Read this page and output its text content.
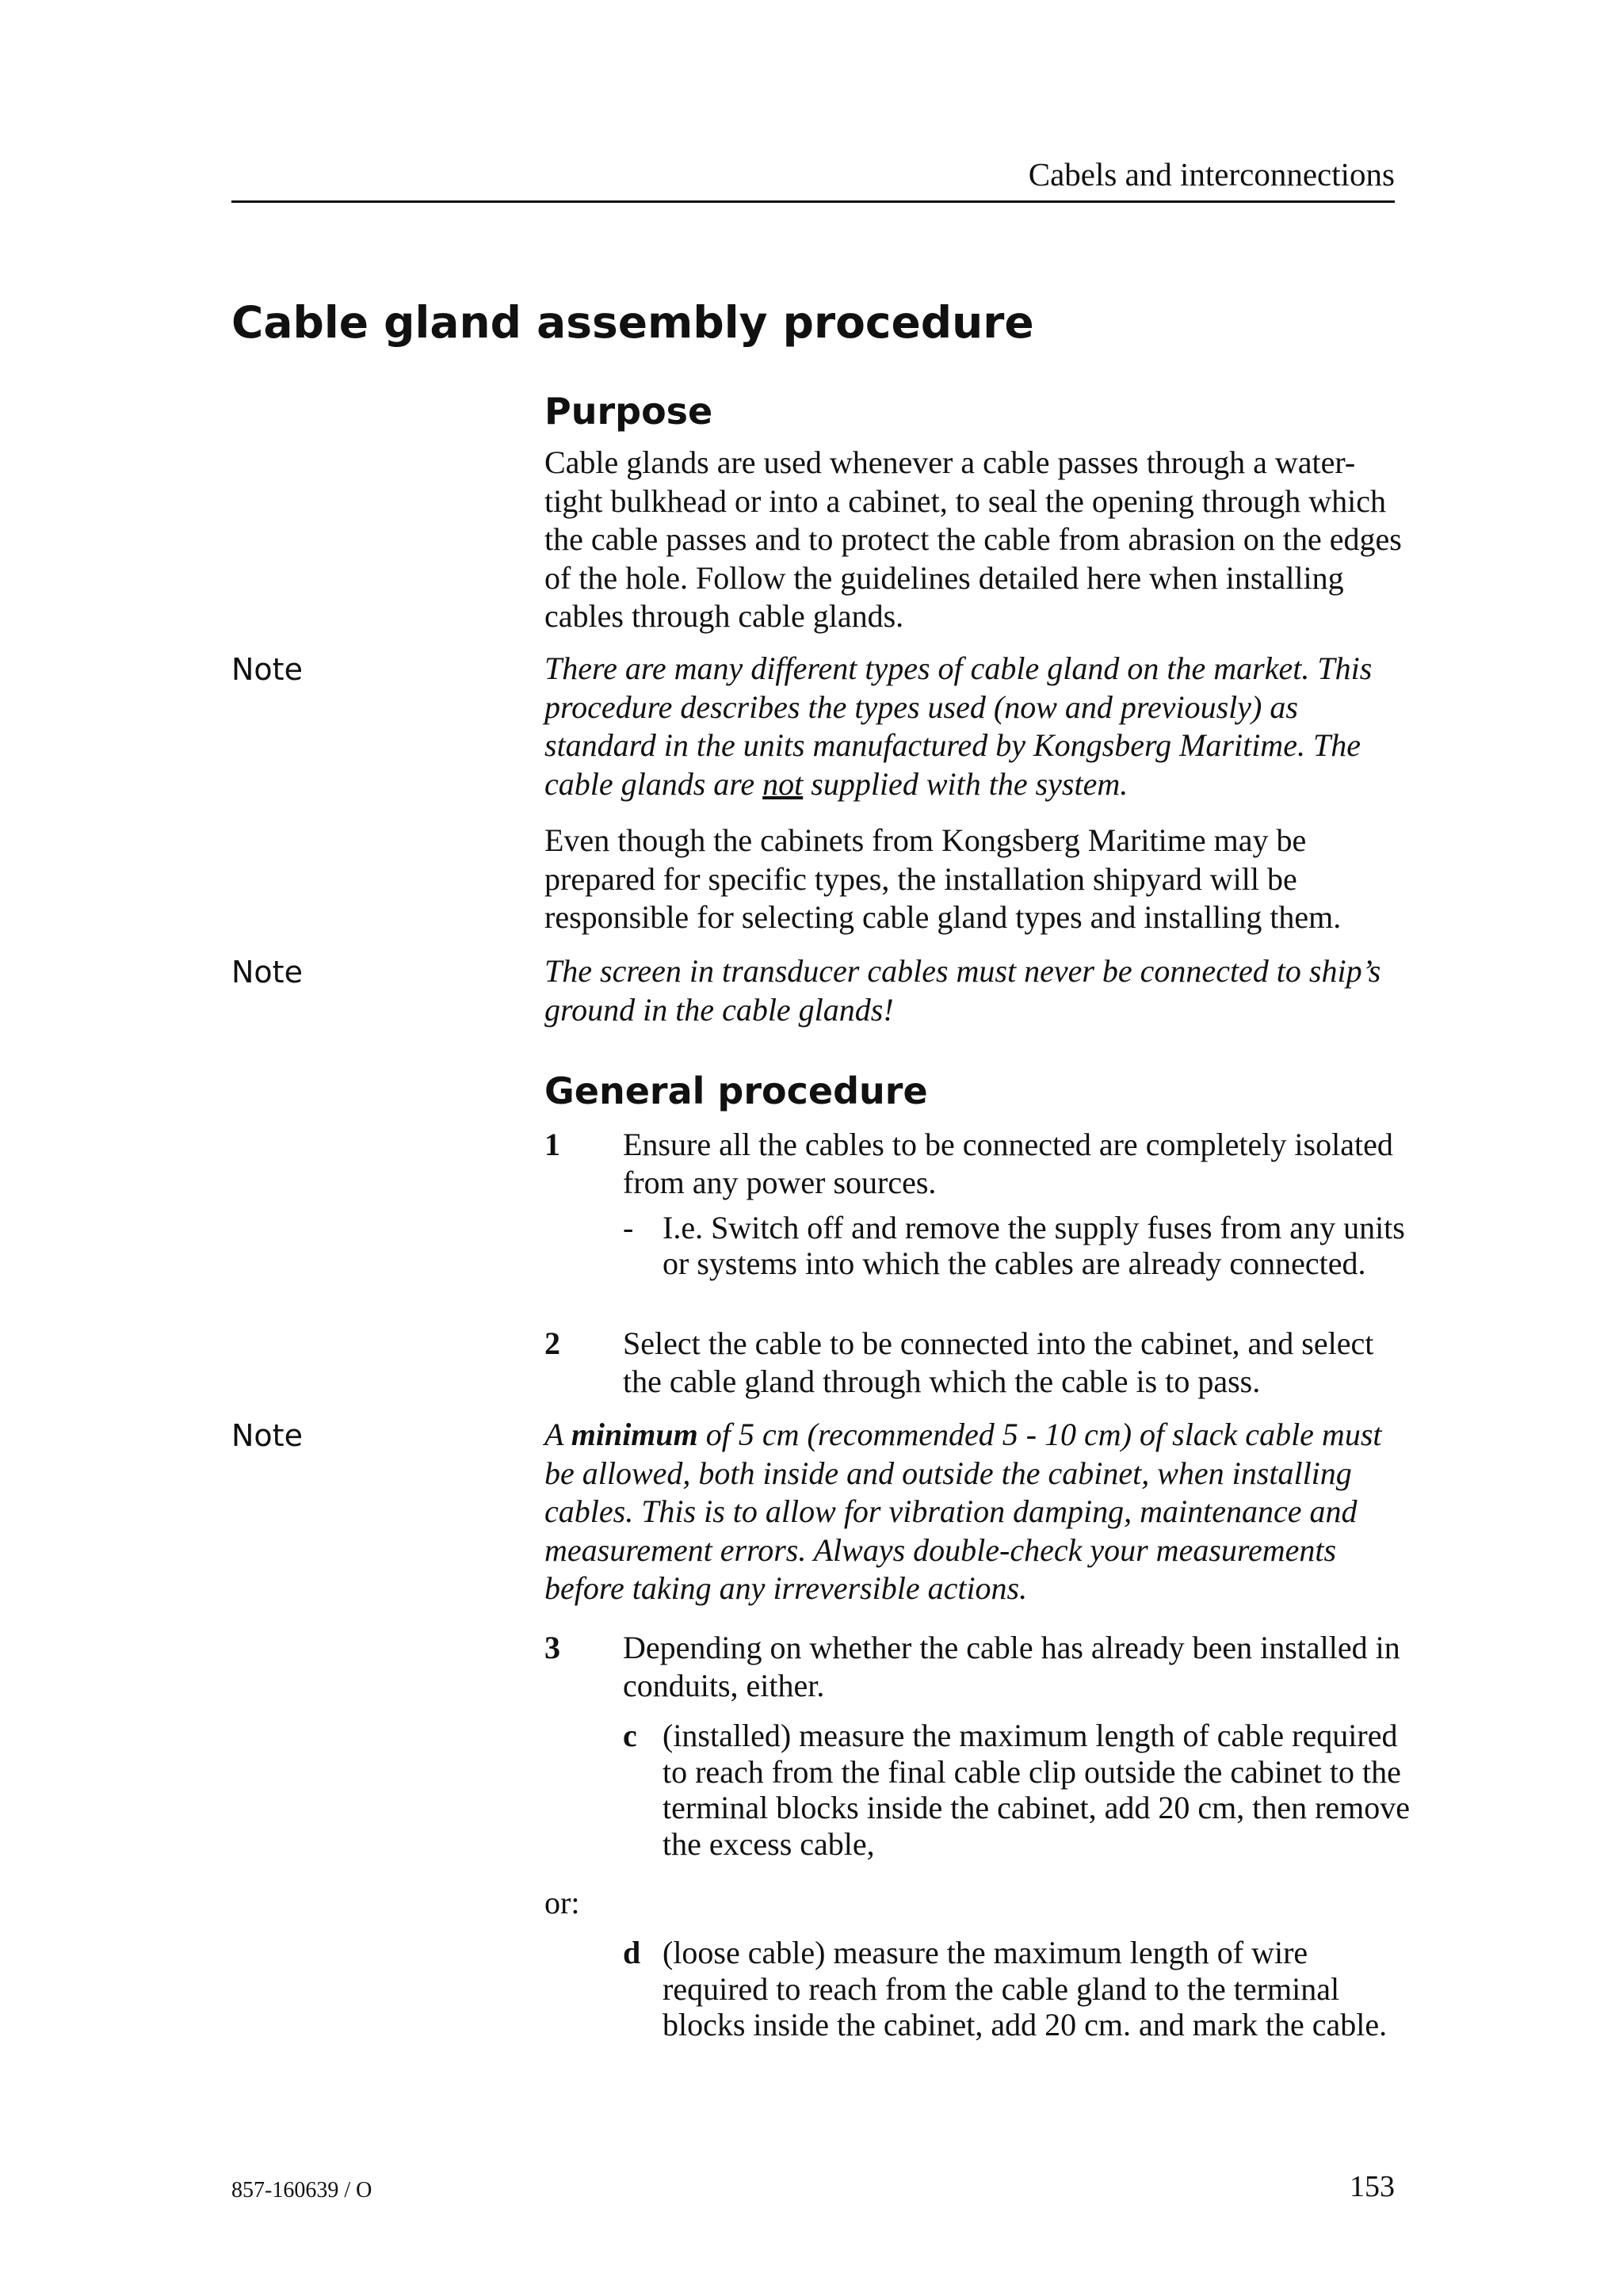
Cabels and interconnections
Cable gland assembly procedure
Purpose

Cable glands are used whenever a cable passes through a water-tight bulkhead or into a cabinet, to seal the opening through which the cable passes and to protect the cable from abrasion on the edges of the hole. Follow the guidelines detailed here when installing cables through cable glands.

Note	There are many different types of cable gland on the market. This procedure describes the types used (now and previously) as standard in the units manufactured by Kongsberg Maritime. The cable glands are not supplied with the system.

Even though the cabinets from Kongsberg Maritime may be prepared for specific types, the installation shipyard will be responsible for selecting cable gland types and installing them.

Note	The screen in transducer cables must never be connected to ship’s ground in the cable glands!

General procedure
1 Ensure all the cables to be connected are completely isolated from any power sources.

- I.e. Switch off and remove the supply fuses from any units or systems into which the cables are already connected.

2 Select the cable to be connected into the cabinet, and select the cable gland through which the cable is to pass.

Note	A minimum of 5 cm (recommended 5 - 10 cm) of slack cable must be allowed, both inside and outside the cabinet, when installing cables. This is to allow for vibration damping, maintenance and measurement errors. Always double-check your measurements before taking any irreversible actions.

3 Depending on whether the cable has already been installed in conduits, either.

c (installed) measure the maximum length of cable required to reach from the final cable clip outside the cabinet to the terminal blocks inside the cabinet, add 20 cm, then remove the excess cable,

or:
d (loose cable) measure the maximum length of wire required to reach from the cable gland to the terminal blocks inside the cabinet, add 20 cm. and mark the cable.

857-160639 / O	153
